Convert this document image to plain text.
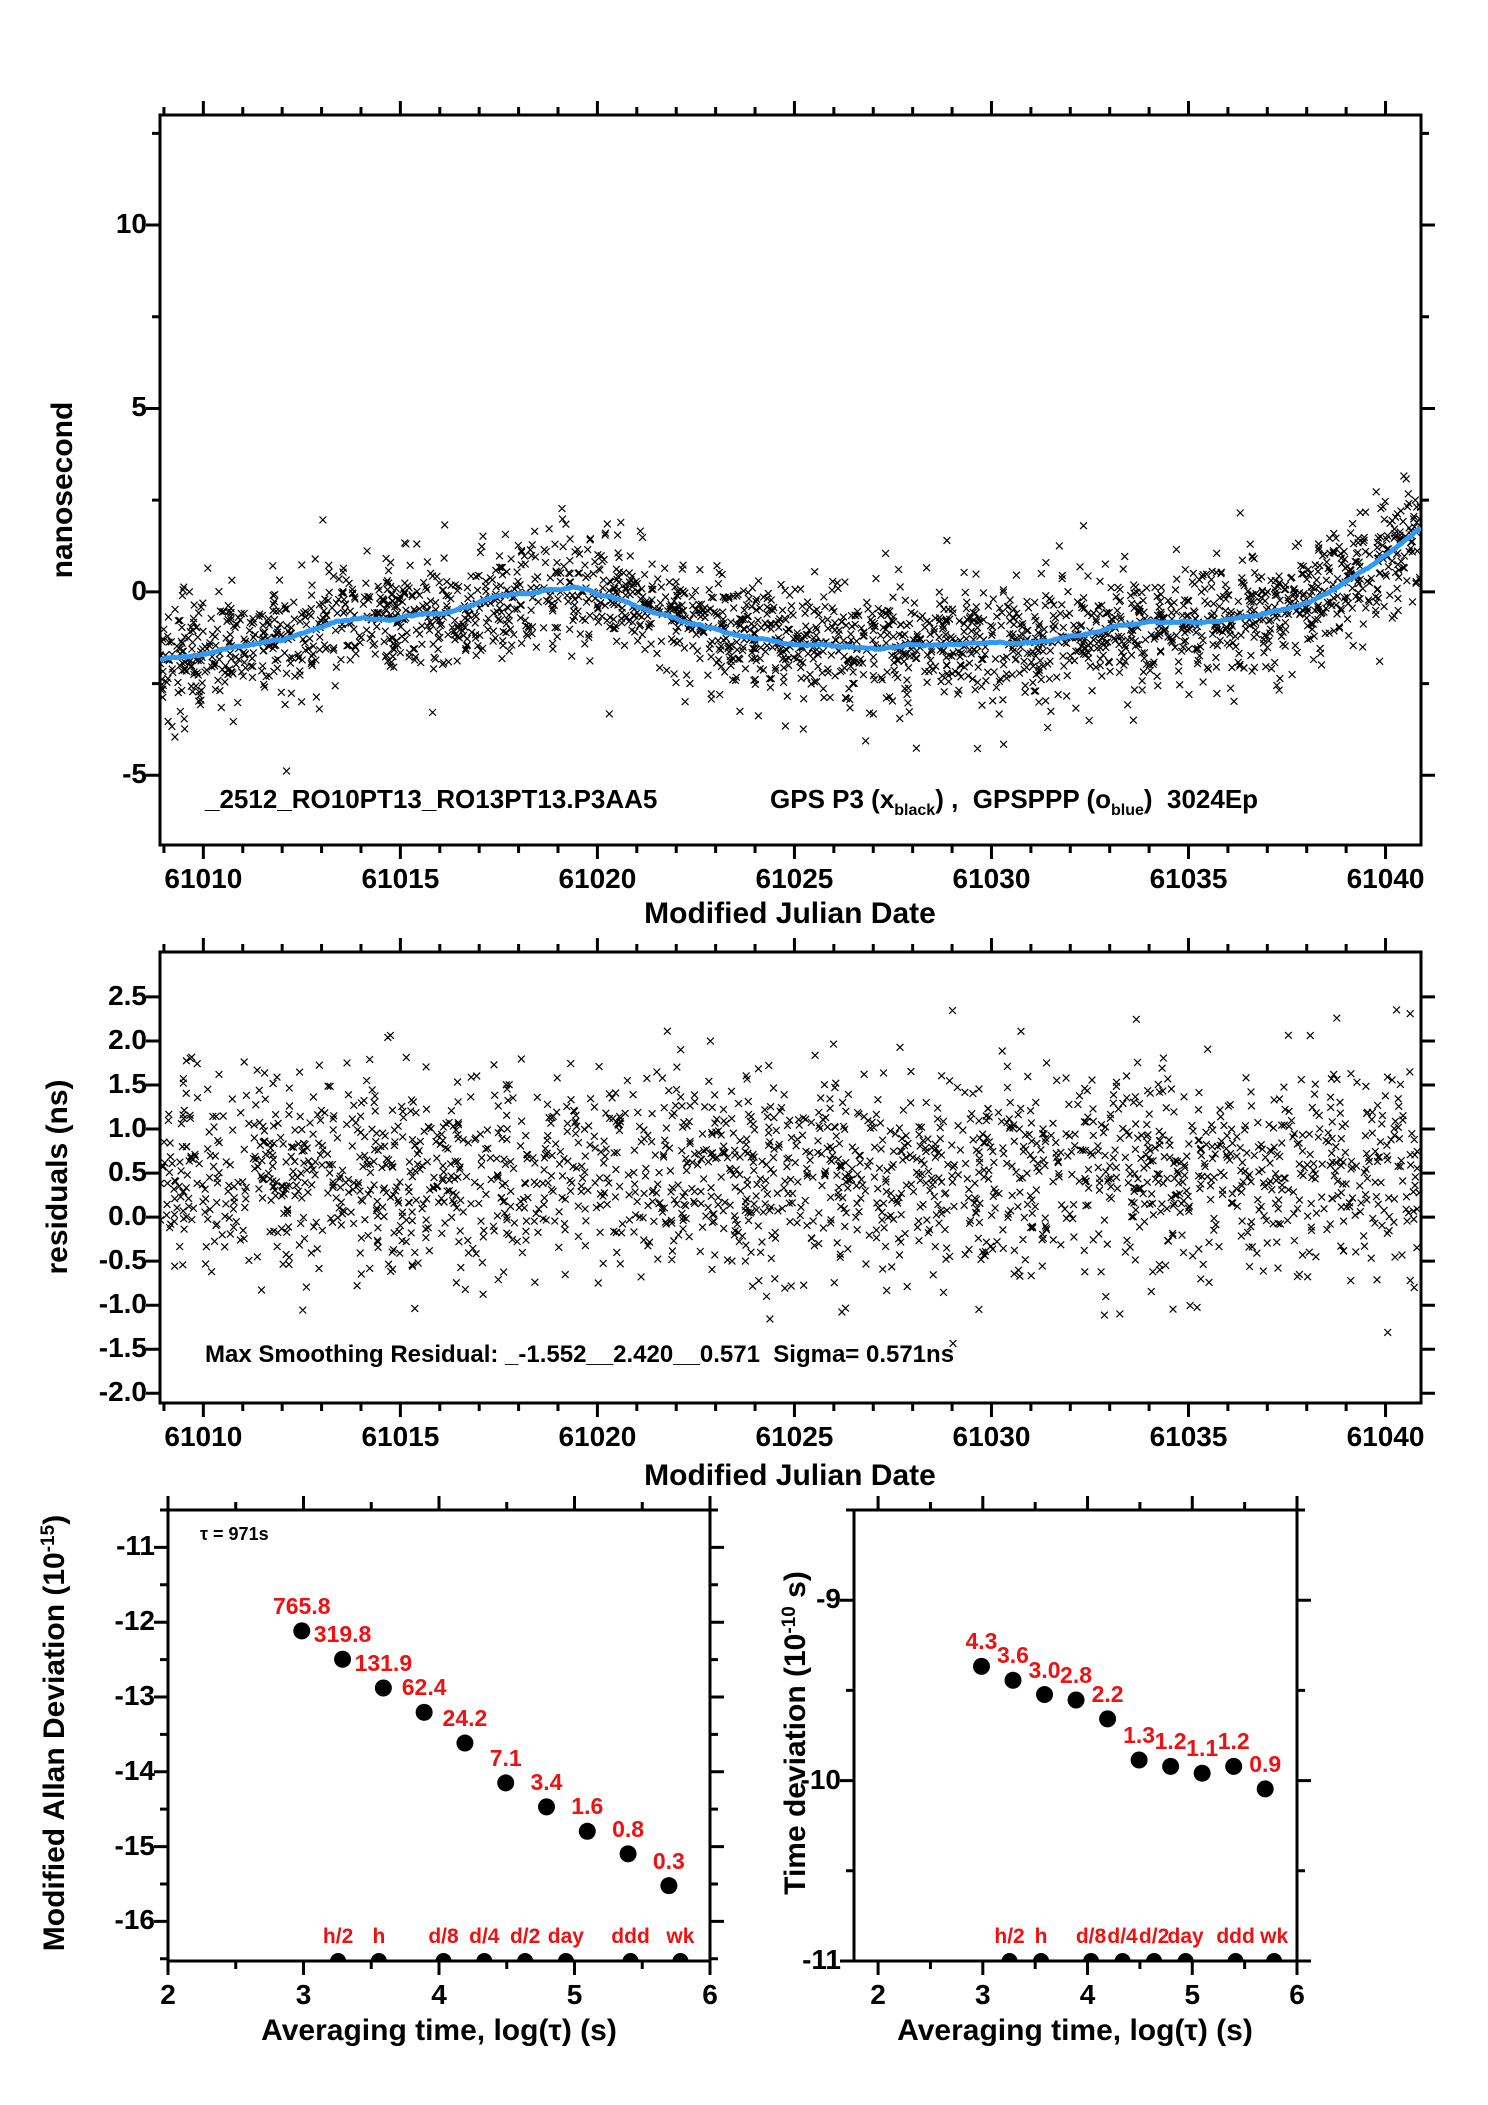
61010	61015	61020	61025	61030	61035	61040
10
5
0
-5
61010	61015	61020	61025	61030	61035	61040
2.5
2.0
1.5
1.0
0.5
0.0
-0.5
-1.0
-1.5
-2.0
2	3	4	5	6
-11
-12
-13
-14
-15
-16
2	3	4	5	6
-9
-10
-11
765.8
319.8
131.9
62.4
24.2
7.1
3.4
1.6
0.8
0.3
h/2 h	d/8 d/4 d/2 day	ddd wk
4.3
3.6
3.0 2.8
2.2
1.3 1.2 1.1 1.2
0.9
h/2 h	d/8 d/4 d/2
day ddd wk
nanosecond
residuals (ns)
Modified Allan Deviation $(10^{-15})$
Time deviation ($10^{-10}$ s)
Modified Julian Date
Modified Julian Date
Averaging time, log(τ) (s)	Averaging time, log(τ) (s)
_2512_RO10PT13_RO13PT13.P3AA5	GPS P3 $(x_{black})$ ,  GPSPPP $(o_{blue})$  3024Ep
Max Smoothing Residual: _-1.552__2.420__0.571  Sigma= 0.571ns
τ = 971s
